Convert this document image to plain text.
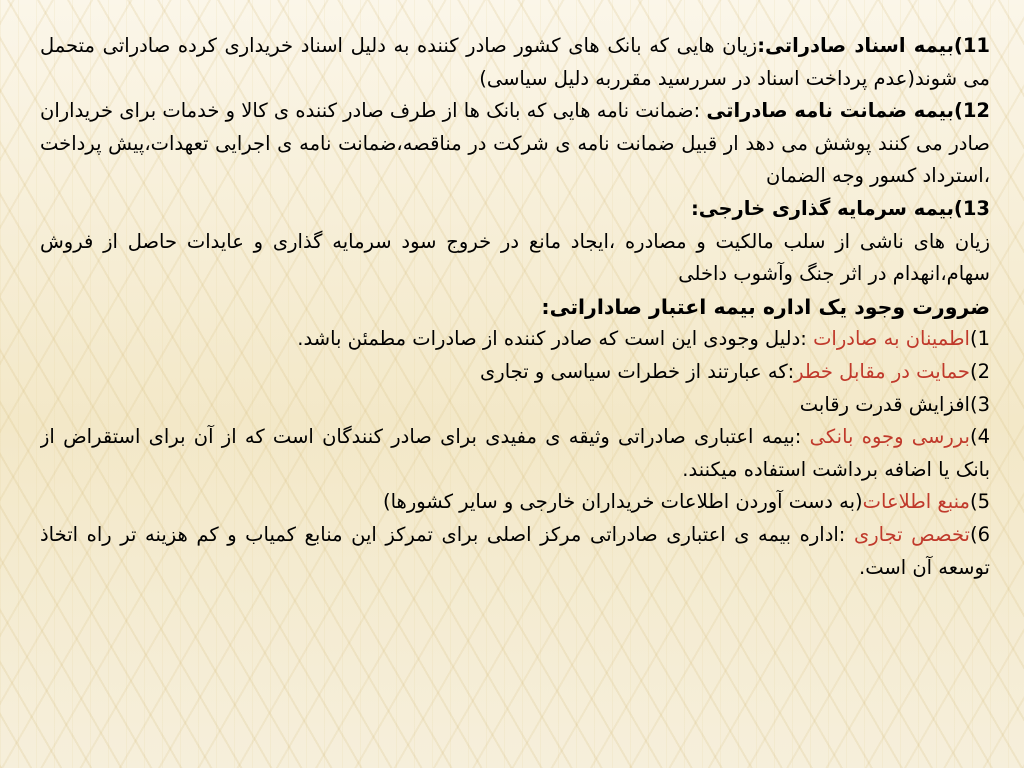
11)بیمه اسناد صادراتی:زیان هایی که بانک های کشور صادر کننده به دلیل اسناد خریداری کرده صادراتی متحمل می شوند(عدم پرداخت اسناد در سررسید مقرربه دلیل سیاسی)

12)بیمه ضمانت نامه صادراتی :ضمانت نامه هایی که بانک ها از طرف صادر کننده ی کالا و خدمات برای خریداران صادر می کنند پوشش می دهد ار قبیل ضمانت نامه ی شرکت در مناقصه،ضمانت نامه ی اجرایی تعهدات،پیش پرداخت ،استرداد کسور وجه الضمان

13)بیمه سرمایه گذاری خارجی:

زیان های ناشی از سلب مالکیت و مصادره ،ایجاد مانع در خروج سود سرمایه گذاری و عایدات حاصل از فروش سهام،انهدام در اثر جنگ وآشوب داخلی

ضرورت وجود یک اداره بیمه اعتبار صاداراتی:

1)اطمینان به صادرات :دلیل وجودی این است که صادر کننده از صادرات مطمئن باشد.

2)حمایت در مقابل خطر:که عبارتند از خطرات سیاسی و تجاری

3)افزایش قدرت رقابت

4)بررسی وجوه بانکی :بیمه اعتباری صادراتی وثیقه ی مفیدی برای صادر کنندگان است که از آن برای استقراض از بانک یا اضافه برداشت استفاده میکنند.

5)منبع اطلاعات(به دست آوردن اطلاعات خریداران خارجی و سایر کشورها)

6)تخصص تجاری :اداره بیمه ی اعتباری صادراتی مرکز اصلی برای تمرکز این منابع کمیاب و کم هزینه تر راه اتخاذ توسعه آن است.
